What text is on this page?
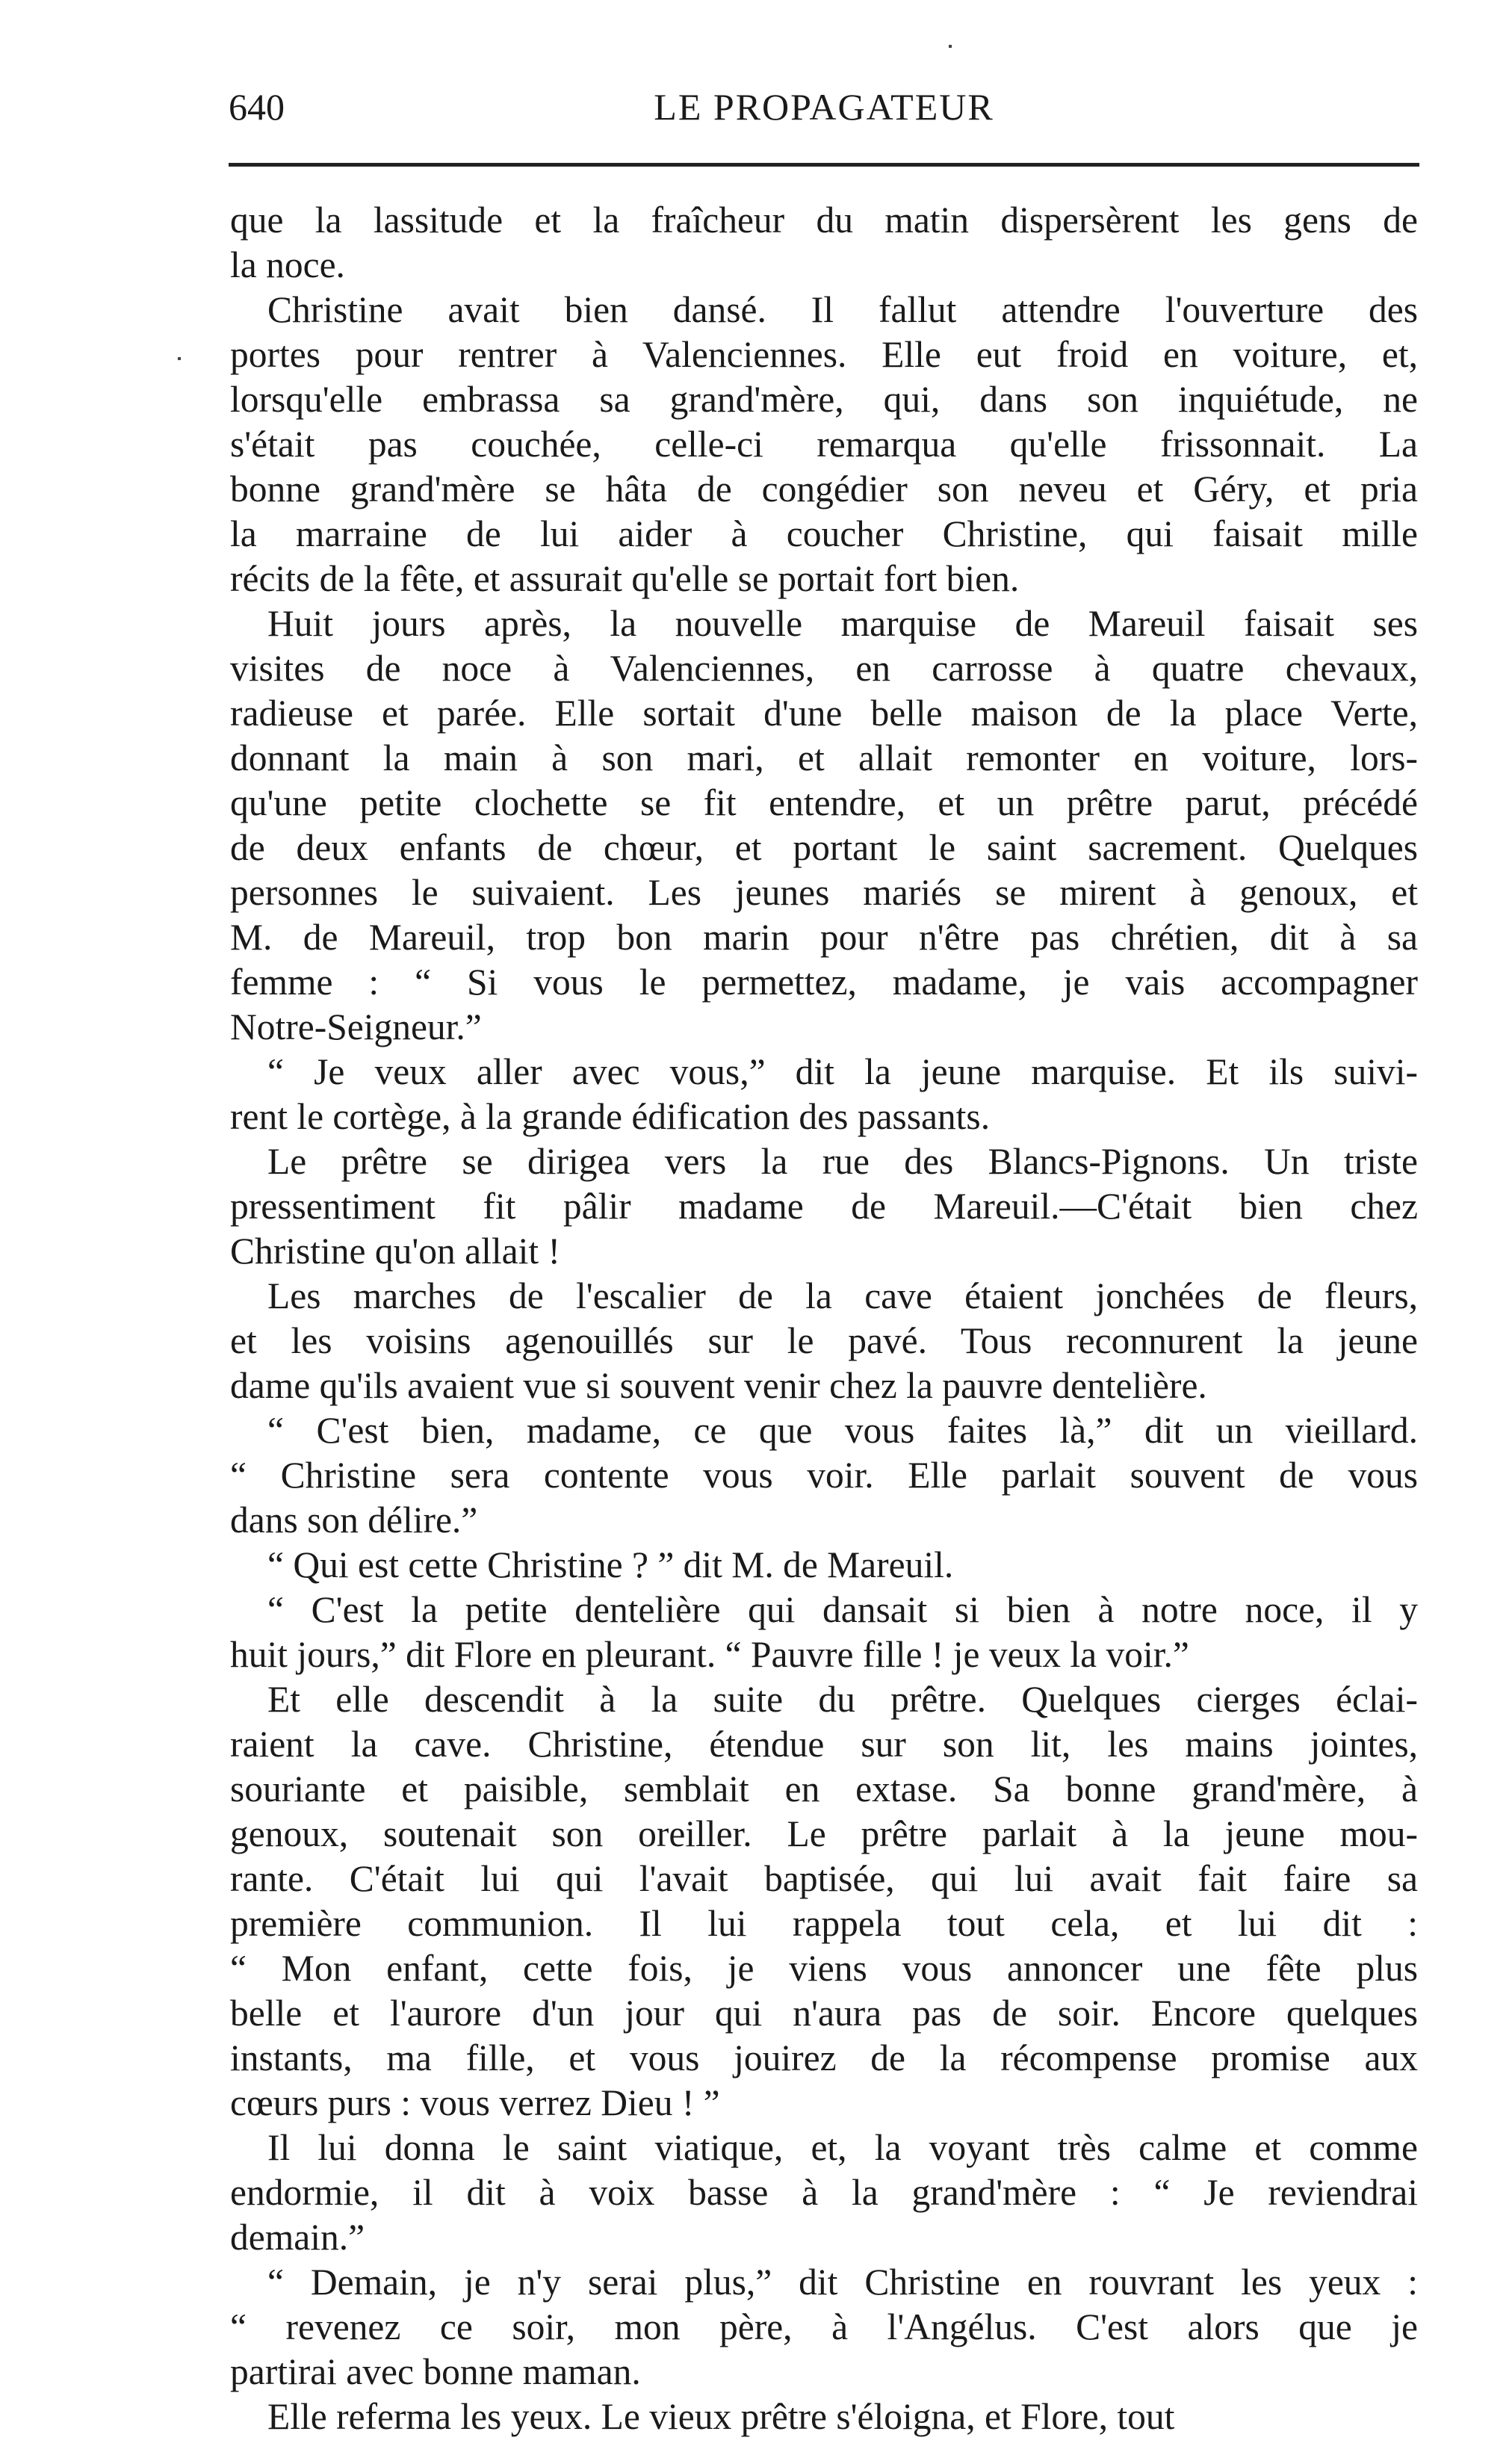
640	LE PROPAGATEUR
que la lassitude et la fraîcheur du matin dispersèrent les gens de
la noce.
Christine avait bien dansé. Il fallut attendre l'ouverture des
portes pour rentrer à Valenciennes. Elle eut froid en voiture, et,
lorsqu'elle embrassa sa grand'mère, qui, dans son inquiétude, ne
s'était pas couchée, celle-ci remarqua qu'elle frissonnait. La
bonne grand'mère se hâta de congédier son neveu et Géry, et pria
la marraine de lui aider à coucher Christine, qui faisait mille
récits de la fête, et assurait qu'elle se portait fort bien.
Huit jours après, la nouvelle marquise de Mareuil faisait ses
visites de noce à Valenciennes, en carrosse à quatre chevaux,
radieuse et parée. Elle sortait d'une belle maison de la place Verte,
donnant la main à son mari, et allait remonter en voiture, lors-
qu'une petite clochette se fit entendre, et un prêtre parut, précédé
de deux enfants de chœur, et portant le saint sacrement. Quelques
personnes le suivaient. Les jeunes mariés se mirent à genoux, et
M. de Mareuil, trop bon marin pour n'être pas chrétien, dit à sa
femme : “ Si vous le permettez, madame, je vais accompagner
Notre-Seigneur.”
“ Je veux aller avec vous,” dit la jeune marquise. Et ils suivi-
rent le cortège, à la grande édification des passants.
Le prêtre se dirigea vers la rue des Blancs-Pignons. Un triste
pressentiment fit pâlir madame de Mareuil.—C'était bien chez
Christine qu'on allait !
Les marches de l'escalier de la cave étaient jonchées de fleurs,
et les voisins agenouillés sur le pavé. Tous reconnurent la jeune
dame qu'ils avaient vue si souvent venir chez la pauvre dentelière.
“ C'est bien, madame, ce que vous faites là,” dit un vieillard.
“ Christine sera contente vous voir. Elle parlait souvent de vous
dans son délire.”
“ Qui est cette Christine ? ” dit M. de Mareuil.
“ C'est la petite dentelière qui dansait si bien à notre noce, il y
huit jours,” dit Flore en pleurant. “ Pauvre fille ! je veux la voir.”
Et elle descendit à la suite du prêtre. Quelques cierges éclai-
raient la cave. Christine, étendue sur son lit, les mains jointes,
souriante et paisible, semblait en extase. Sa bonne grand'mère, à
genoux, soutenait son oreiller. Le prêtre parlait à la jeune mou-
rante. C'était lui qui l'avait baptisée, qui lui avait fait faire sa
première communion. Il lui rappela tout cela, et lui dit :
“ Mon enfant, cette fois, je viens vous annoncer une fête plus
belle et l'aurore d'un jour qui n'aura pas de soir. Encore quelques
instants, ma fille, et vous jouirez de la récompense promise aux
cœurs purs : vous verrez Dieu ! ”
Il lui donna le saint viatique, et, la voyant très calme et comme
endormie, il dit à voix basse à la grand'mère : “ Je reviendrai
demain.”
“ Demain, je n'y serai plus,” dit Christine en rouvrant les yeux :
“ revenez ce soir, mon père, à l'Angélus. C'est alors que je
partirai avec bonne maman.
Elle referma les yeux. Le vieux prêtre s'éloigna, et Flore, tout
